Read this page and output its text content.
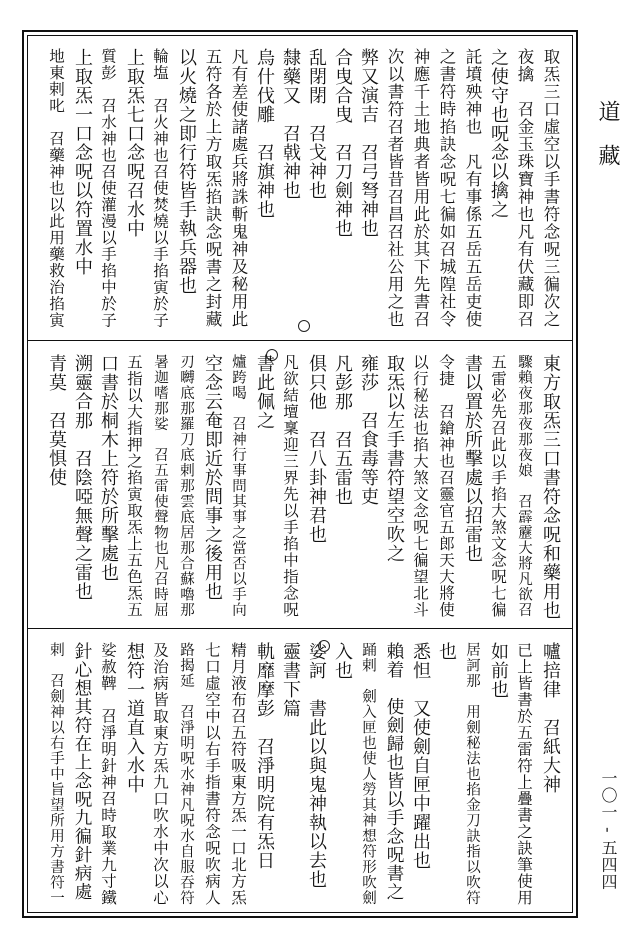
道藏
一〇一 - 五四四
取炁三口虛空以手書符念呪三徧次之
夜擒　召金玉珠寶神也凡有伏藏即召
之使守也呪念以擒之
託墳殃神也　凡有事係五岳五岳吏使
之書符時掐訣念呪七徧如召城隍社令
神應千土地典者皆用此於其下先書召
次以書符召者皆昔召昌召社公用之也
弊又演吉　召弓弩神也
合曳合曳　召刀劍神也
乱閉閉　召戈神也
隸藥又　召戟神也
烏什伐雕　召旗神也
凡有差使諸處兵將誅斬鬼神及秘用此
五符各於上方取炁掐訣念呪書之封藏
以火燒之即行符皆手執兵器也
輪塩　召火神也召使焚燒以手掐寅於子
上取炁七口念呪召水中
質彭　召水神也召使灌漫以手掐中於子
上取炁一口念呪以符置水中
地東剌叱　召藥神也以此用藥救治掐寅
東方取炁三口書符念呪和藥用也
驟賴夜那夜那夜娘　召霹靂大將凡欲召
五雷必先召此以手掐大煞文念呪七徧
書以置於所擊處以招雷也
令捷　召鎗神也召靈官五郎天大將使
以行秘法也掐大煞文念呪七徧望北斗
取炁以左手書符望空吹之
雍莎　召食毒等吏
凡彭那　召五雷也
俱只他　召八卦神君也
凡欲結壇稟迎三界先以手掐中指念呪
書此佩之
爐跨喝　召神行事問其事之當否以手向
空念云奄即近於問事之後用也
刃嚩底那羅刀底剌那雲底居那合蘇嚕那
暑迦嗜那娑　召五雷使聲物也凡召時屈
五指以大指押之掐寅取炁上五色炁五
口書於桐木上符於所擊處也
溯靈合那　召陰啞無聲之雷也
青莫　召莫惧使
嚧掊律　召紙大神
已上皆書於五雷符上疊書之訣筆使用
如前也
居訶那　用劍秘法也掐金刀訣指以吹符
也
悉怛　又使劍自匣中躍出也
賴着　使劍歸也皆以手念呪書之
踊剌　劍入匣也使人勞其神想符形吹劍
入也
娑訶　書此以與鬼神執以去也
靈書下篇
軌靡摩彭　召淨明院有炁日
精月液布召五符吸東方炁一口北方炁
七口虛空中以右手指書符念呪吹病人
路揭延　召淨明呪水神凡呪水自服吞符
及治病皆取東方炁九口吹水中次以心
想符一道直入水中
娑赦鞞　召淨明針神召時取業九寸鐵
針心想其符在上念呪九徧針病處
剌　召劍神以右手中旨望所用方書符一
